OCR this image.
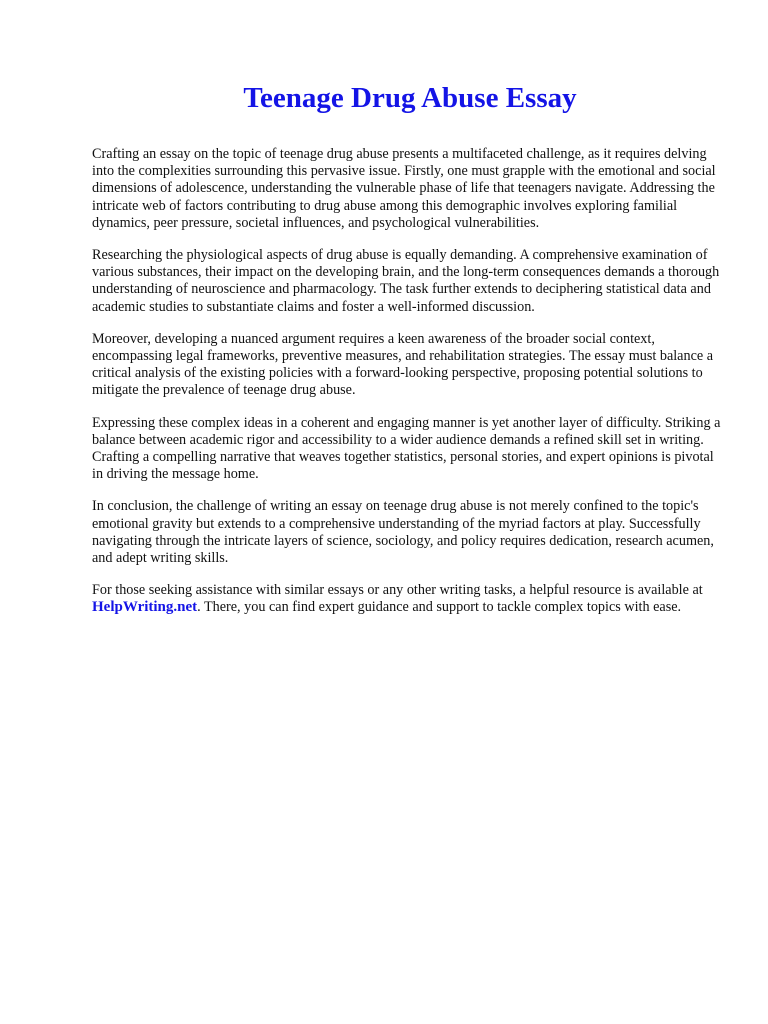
Teenage Drug Abuse Essay

Crafting an essay on the topic of teenage drug abuse presents a multifaceted challenge, as it requires delving into the complexities surrounding this pervasive issue. Firstly, one must grapple with the emotional and social dimensions of adolescence, understanding the vulnerable phase of life that teenagers navigate. Addressing the intricate web of factors contributing to drug abuse among this demographic involves exploring familial dynamics, peer pressure, societal influences, and psychological vulnerabilities.

Researching the physiological aspects of drug abuse is equally demanding. A comprehensive examination of various substances, their impact on the developing brain, and the long-term consequences demands a thorough understanding of neuroscience and pharmacology. The task further extends to deciphering statistical data and academic studies to substantiate claims and foster a well-informed discussion.

Moreover, developing a nuanced argument requires a keen awareness of the broader social context, encompassing legal frameworks, preventive measures, and rehabilitation strategies. The essay must balance a critical analysis of the existing policies with a forward-looking perspective, proposing potential solutions to mitigate the prevalence of teenage drug abuse.

Expressing these complex ideas in a coherent and engaging manner is yet another layer of difficulty. Striking a balance between academic rigor and accessibility to a wider audience demands a refined skill set in writing. Crafting a compelling narrative that weaves together statistics, personal stories, and expert opinions is pivotal in driving the message home.

In conclusion, the challenge of writing an essay on teenage drug abuse is not merely confined to the topic's emotional gravity but extends to a comprehensive understanding of the myriad factors at play. Successfully navigating through the intricate layers of science, sociology, and policy requires dedication, research acumen, and adept writing skills.

For those seeking assistance with similar essays or any other writing tasks, a helpful resource is available atHelpWriting.net. There, you can find expert guidance and support to tackle complex topics with ease.
